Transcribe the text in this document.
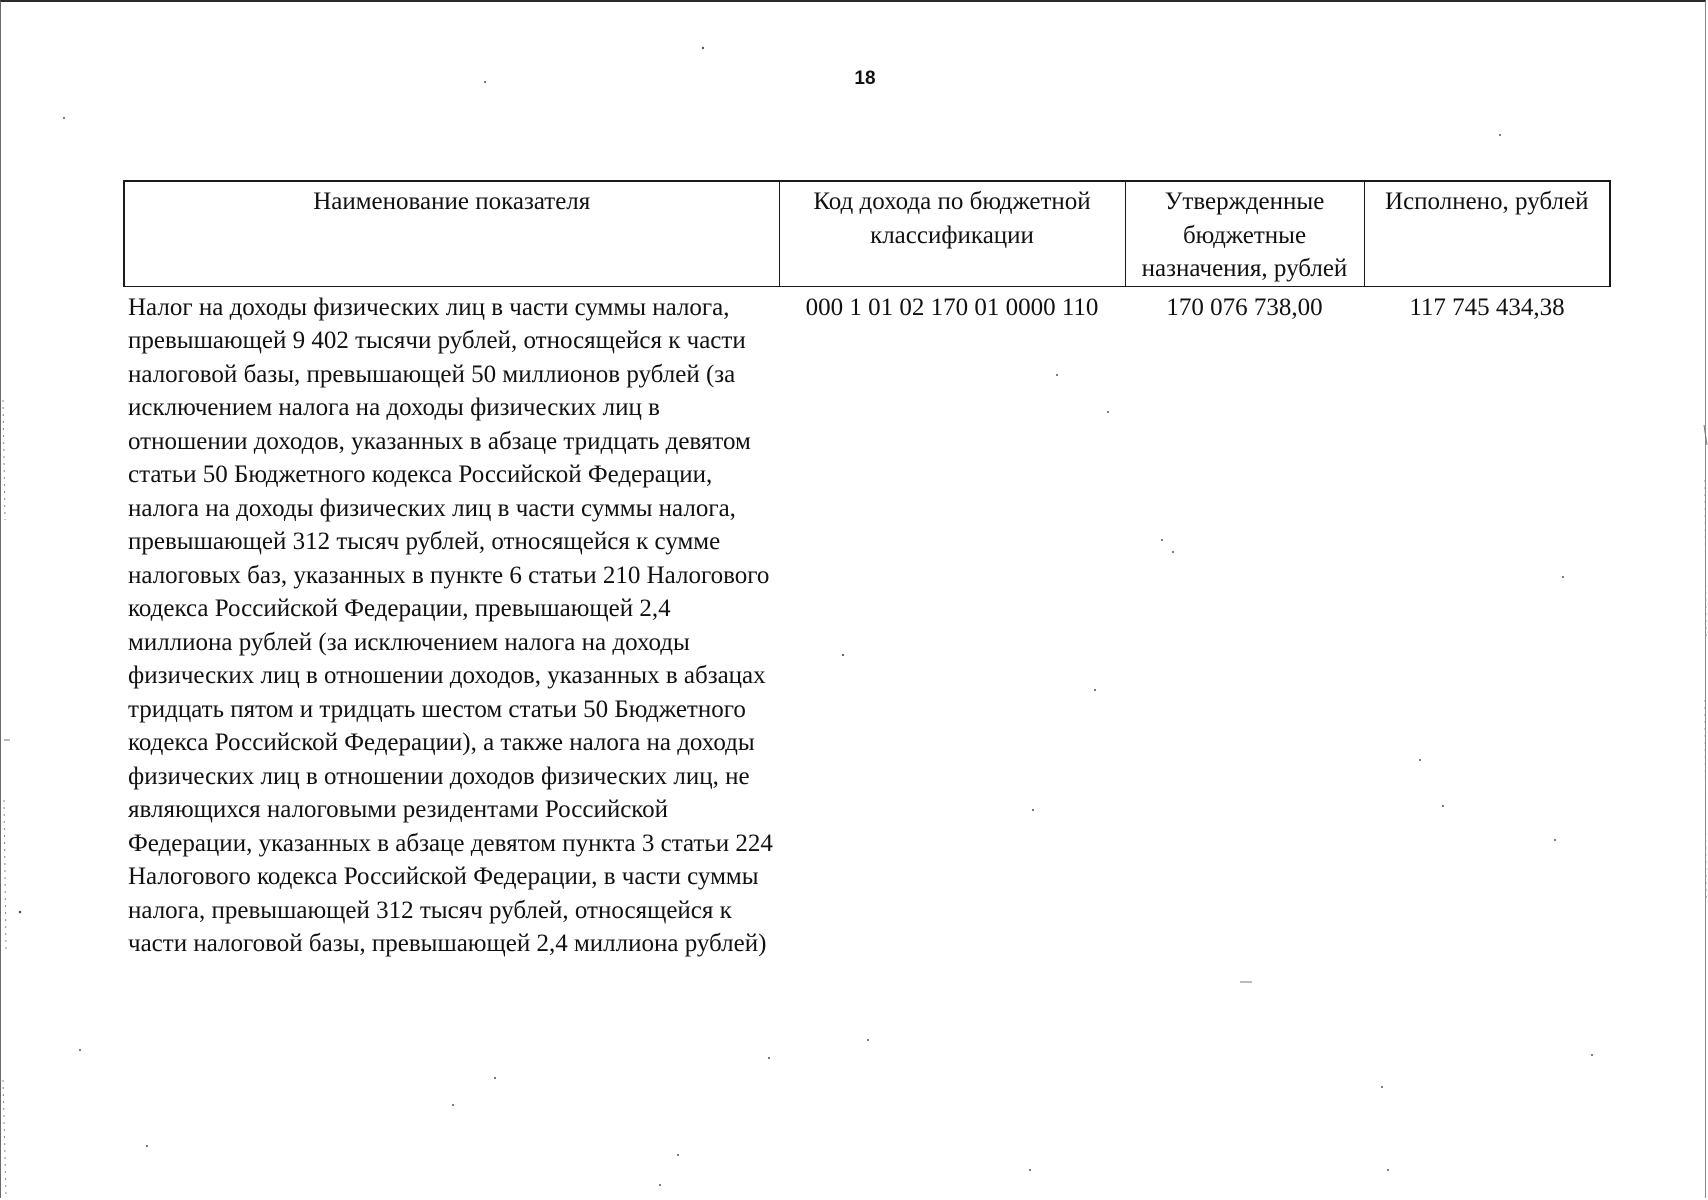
18
Наименование показателя	Код дохода по бюджетной классификации	Утвержденные бюджетные назначения, рублей	Исполнено, рублей
Налог на доходы физических лиц в части суммы налога, превышающей 9 402 тысячи рублей, относящейся к части налоговой базы, превышающей 50 миллионов рублей (за исключением налога на доходы физических лиц в отношении доходов, указанных в абзаце тридцать девятом статьи 50 Бюджетного кодекса Российской Федерации, налога на доходы физических лиц в части суммы налога, превышающей 312 тысяч рублей, относящейся к сумме налоговых баз, указанных в пункте 6 статьи 210 Налогового кодекса Российской Федерации, превышающей 2,4 миллиона рублей (за исключением налога на доходы физических лиц в отношении доходов, указанных в абзацах тридцать пятом и тридцать шестом статьи 50 Бюджетного кодекса Российской Федерации), а также налога на доходы физических лиц в отношении доходов физических лиц, не являющихся налоговыми резидентами Российской Федерации, указанных в абзаце девятом пункта 3 статьи 224 Налогового кодекса Российской Федерации, в части суммы налога, превышающей 312 тысяч рублей, относящейся к части налоговой базы, превышающей 2,4 миллиона рублей)	000 1 01 02 170 01 0000 110	170 076 738,00	117 745 434,38
